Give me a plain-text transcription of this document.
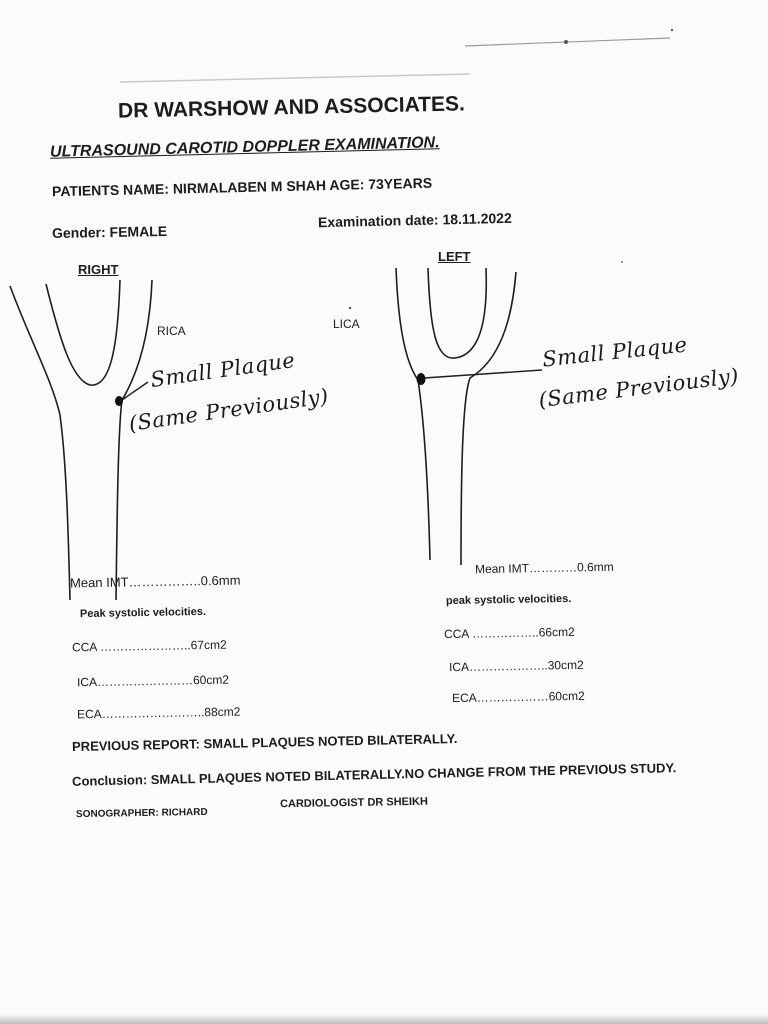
DR WARSHOW AND ASSOCIATES.
ULTRASOUND CAROTID DOPPLER EXAMINATION.
PATIENTS NAME: NIRMALABEN M SHAH AGE: 73YEARS
Gender: FEMALE
Examination date: 18.11.2022
RIGHT
RICA
Small Plaque
(Same Previously)
LEFT
LICA
Small Plaque
(Same Previously)
Mean IMT……………..0.6mm
Peak systolic velocities.
CCA …………………..67cm2
ICA……………………60cm2
ECA……………………..88cm2
Mean IMT…………0.6mm
peak systolic velocities.
CCA ……………..66cm2
ICA………………..30cm2
ECA………………60cm2
PREVIOUS REPORT: SMALL PLAQUES NOTED BILATERALLY.
Conclusion: SMALL PLAQUES NOTED BILATERALLY.NO CHANGE FROM THE PREVIOUS STUDY.
SONOGRAPHER: RICHARD
CARDIOLOGIST DR SHEIKH
